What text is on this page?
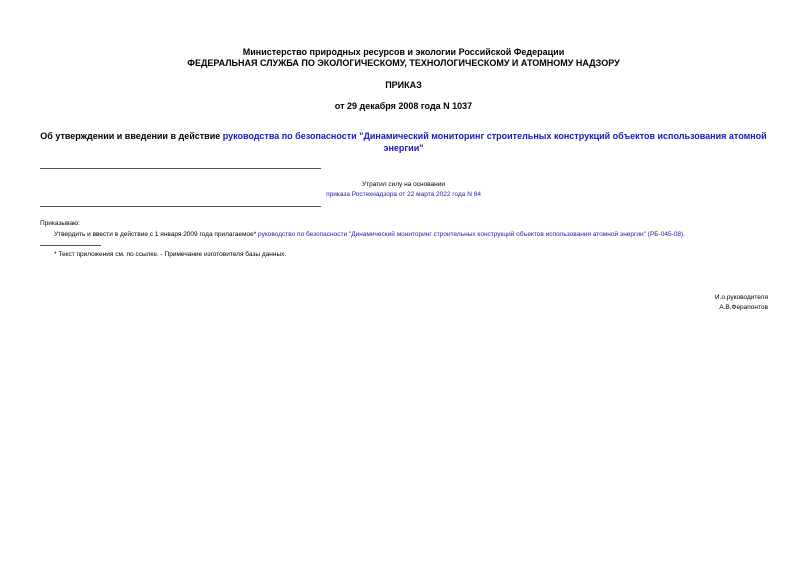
Министерство природных ресурсов и экологии Российской Федерации
ФЕДЕРАЛЬНАЯ СЛУЖБА ПО ЭКОЛОГИЧЕСКОМУ, ТЕХНОЛОГИЧЕСКОМУ И АТОМНОМУ НАДЗОРУ
ПРИКАЗ
от 29 декабря 2008 года N 1037
Об утверждении и введении в действие руководства по безопасности "Динамический мониторинг строительных конструкций объектов использования атомной энергии"
Утратил силу на основании
приказа Ростехнадзора от 22 марта 2022 года N 84
Приказываю:
Утвердить и ввести в действие с 1 января 2009 года прилагаемое* руководство по безопасности "Динамический мониторинг строительных конструкций объектов использования атомной энергии" (РБ-045-08).
* Текст приложения см. по ссылке. - Примечание изготовителя базы данных.
И.о.руководителя
А.В.Ферапонтов
